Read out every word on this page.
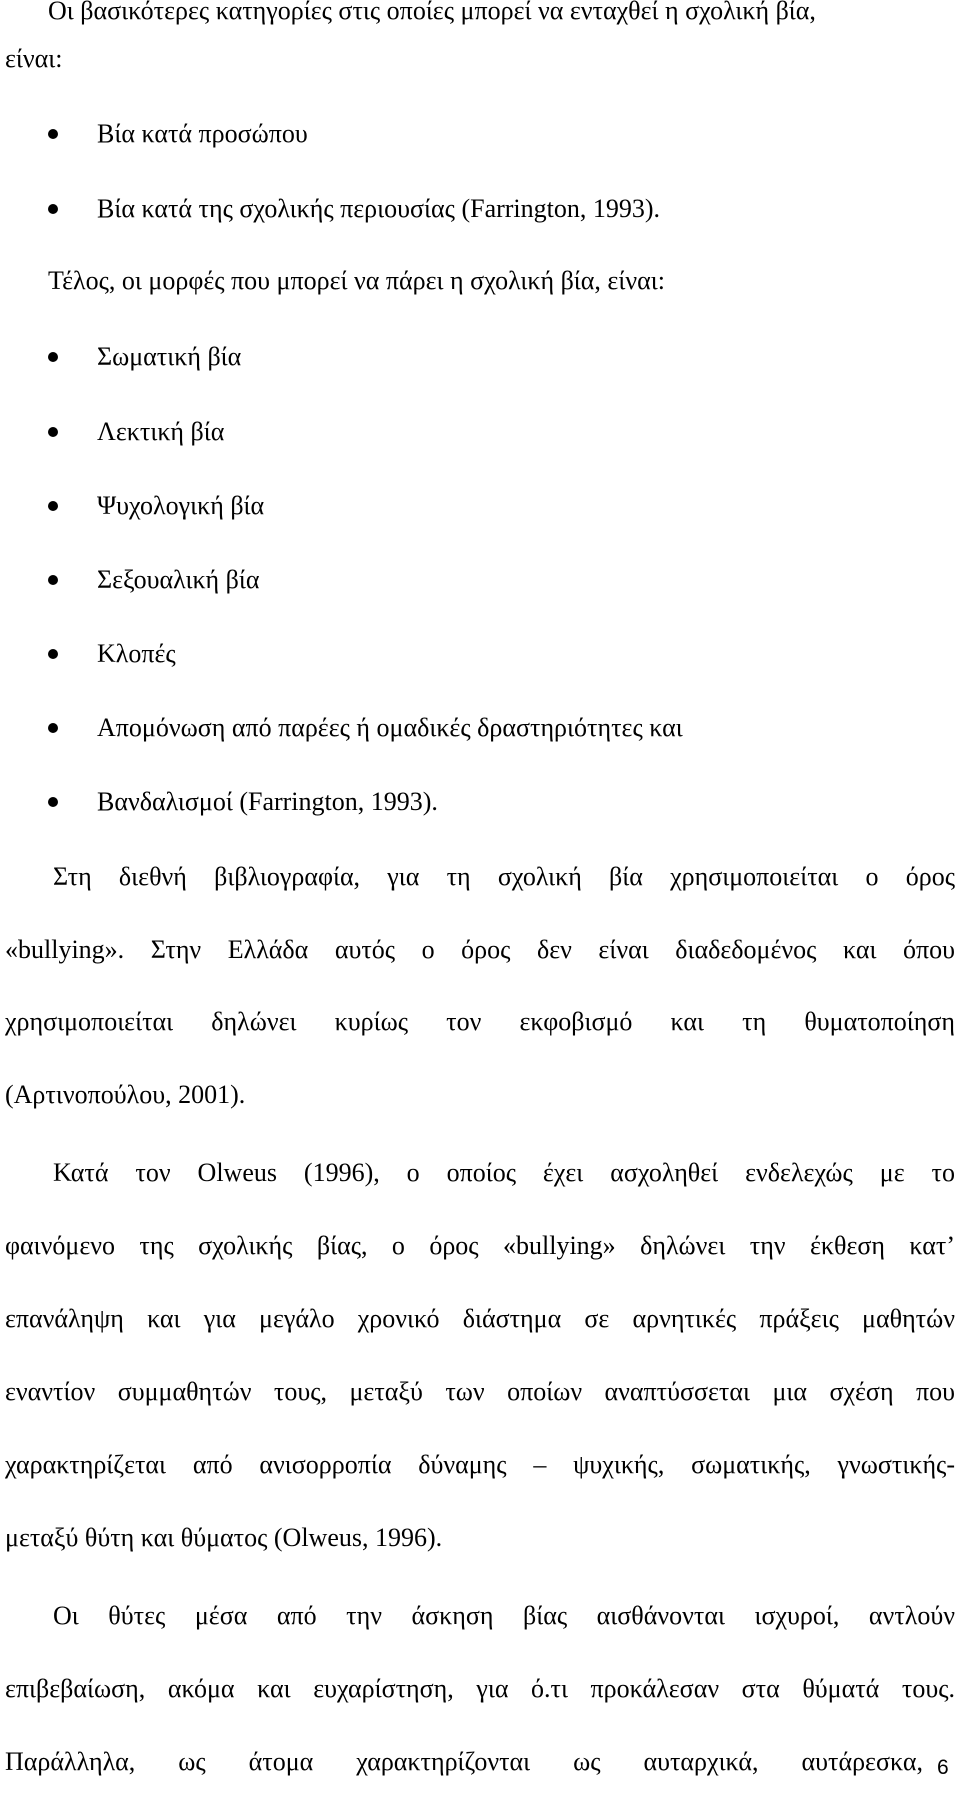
Οι βασικότερες κατηγορίες στις οποίες μπορεί να ενταχθεί η σχολική βία,
είναι:
Βία κατά προσώπου
Βία κατά της σχολικής περιουσίας (Farrington, 1993).
Τέλος, οι μορφές που μπορεί να πάρει η σχολική βία, είναι:
Σωματική βία
Λεκτική βία
Ψυχολογική βία
Σεξουαλική βία
Κλοπές
Απομόνωση από παρέες ή ομαδικές δραστηριότητες και
Βανδαλισμοί (Farrington, 1993).
Στη διεθνή βιβλιογραφία, για τη σχολική βία χρησιμοποιείται ο όρος
«bullying». Στην Ελλάδα αυτός ο όρος δεν είναι διαδεδομένος και όπου
χρησιμοποιείται δηλώνει κυρίως τον εκφοβισμό και τη θυματοποίηση
(Αρτινοπούλου, 2001).
Κατά τον Olweus (1996), ο οποίος έχει ασχοληθεί ενδελεχώς με το
φαινόμενο της σχολικής βίας, ο όρος «bullying» δηλώνει την έκθεση κατ’
επανάληψη και για μεγάλο χρονικό διάστημα σε αρνητικές πράξεις μαθητών
εναντίον συμμαθητών τους, μεταξύ των οποίων αναπτύσσεται μια σχέση που
χαρακτηρίζεται από ανισορροπία δύναμης – ψυχικής, σωματικής, γνωστικής-
μεταξύ θύτη και θύματος (Olweus, 1996).
Οι θύτες μέσα από την άσκηση βίας αισθάνονται ισχυροί, αντλούν
επιβεβαίωση, ακόμα και ευχαρίστηση, για ό.τι προκάλεσαν στα θύματά τους.
Παράλληλα, ως άτομα χαρακτηρίζονται ως αυταρχικά, αυτάρεσκα, 6
